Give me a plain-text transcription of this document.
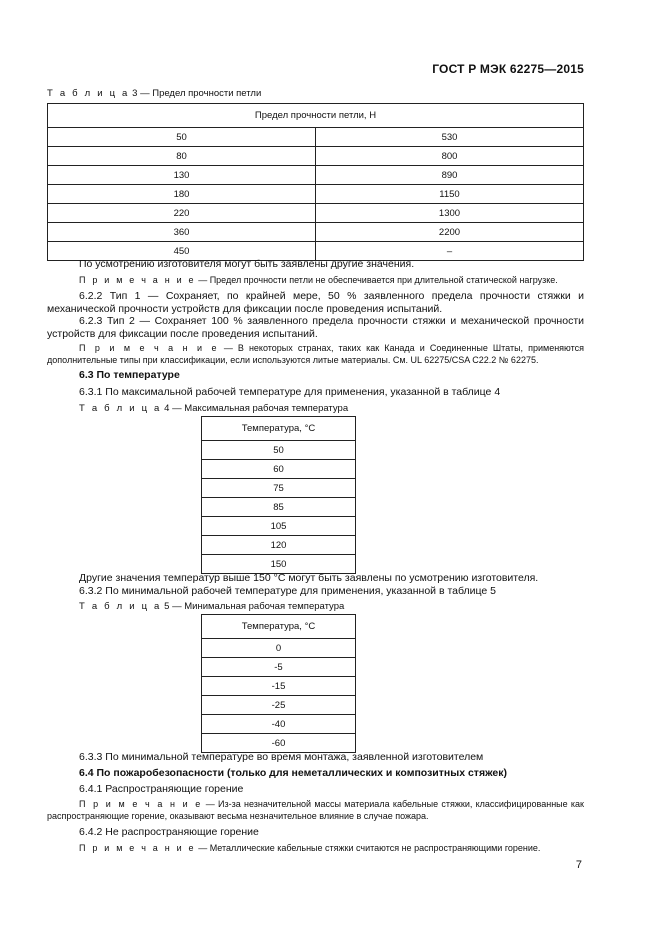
ГОСТ Р МЭК 62275—2015
Т а б л и ц а 3 — Предел прочности петли
Предел прочности петли, Н	
50	530
80	800
130	890
180	1150
220	1300
360	2200
450	–
По усмотрению изготовителя могут быть заявлены другие значения.
П р и м е ч а н и е — Предел прочности петли не обеспечивается при длительной статической нагрузке.
6.2.2 Тип 1 — Сохраняет, по крайней мере, 50 % заявленного предела прочности стяжки и механической прочности устройств для фиксации после проведения испытаний.
6.2.3 Тип 2 — Сохраняет 100 % заявленного предела прочности стяжки и механической прочности устройств для фиксации после проведения испытаний.
П р и м е ч а н и е — В некоторых странах, таких как Канада и Соединенные Штаты, применяются дополнительные типы при классификации, если используются литые материалы. См. UL 62275/CSA C22.2 № 62275.
6.3 По температуре
6.3.1 По максимальной рабочей температуре для применения, указанной в таблице 4
Т а б л и ц а 4 — Максимальная рабочая температура
Температура, °С
50
60
75
85
105
120
150
Другие значения температур выше 150 °С могут быть заявлены по усмотрению изготовителя.
6.3.2 По минимальной рабочей температуре для применения, указанной в таблице 5
Т а б л и ц а 5 — Минимальная рабочая температура
Температура, °С
0
-5
-15
-25
-40
-60
6.3.3 По минимальной температуре во время монтажа, заявленной изготовителем
6.4 По пожаробезопасности (только для неметаллических и композитных стяжек)
6.4.1 Распространяющие горение
П р и м е ч а н и е — Из-за незначительной массы материала кабельные стяжки, классифицированные как распространяющие горение, оказывают весьма незначительное влияние в случае пожара.
6.4.2 Не распространяющие горение
П р и м е ч а н и е — Металлические кабельные стяжки считаются не распространяющими горение.
7
